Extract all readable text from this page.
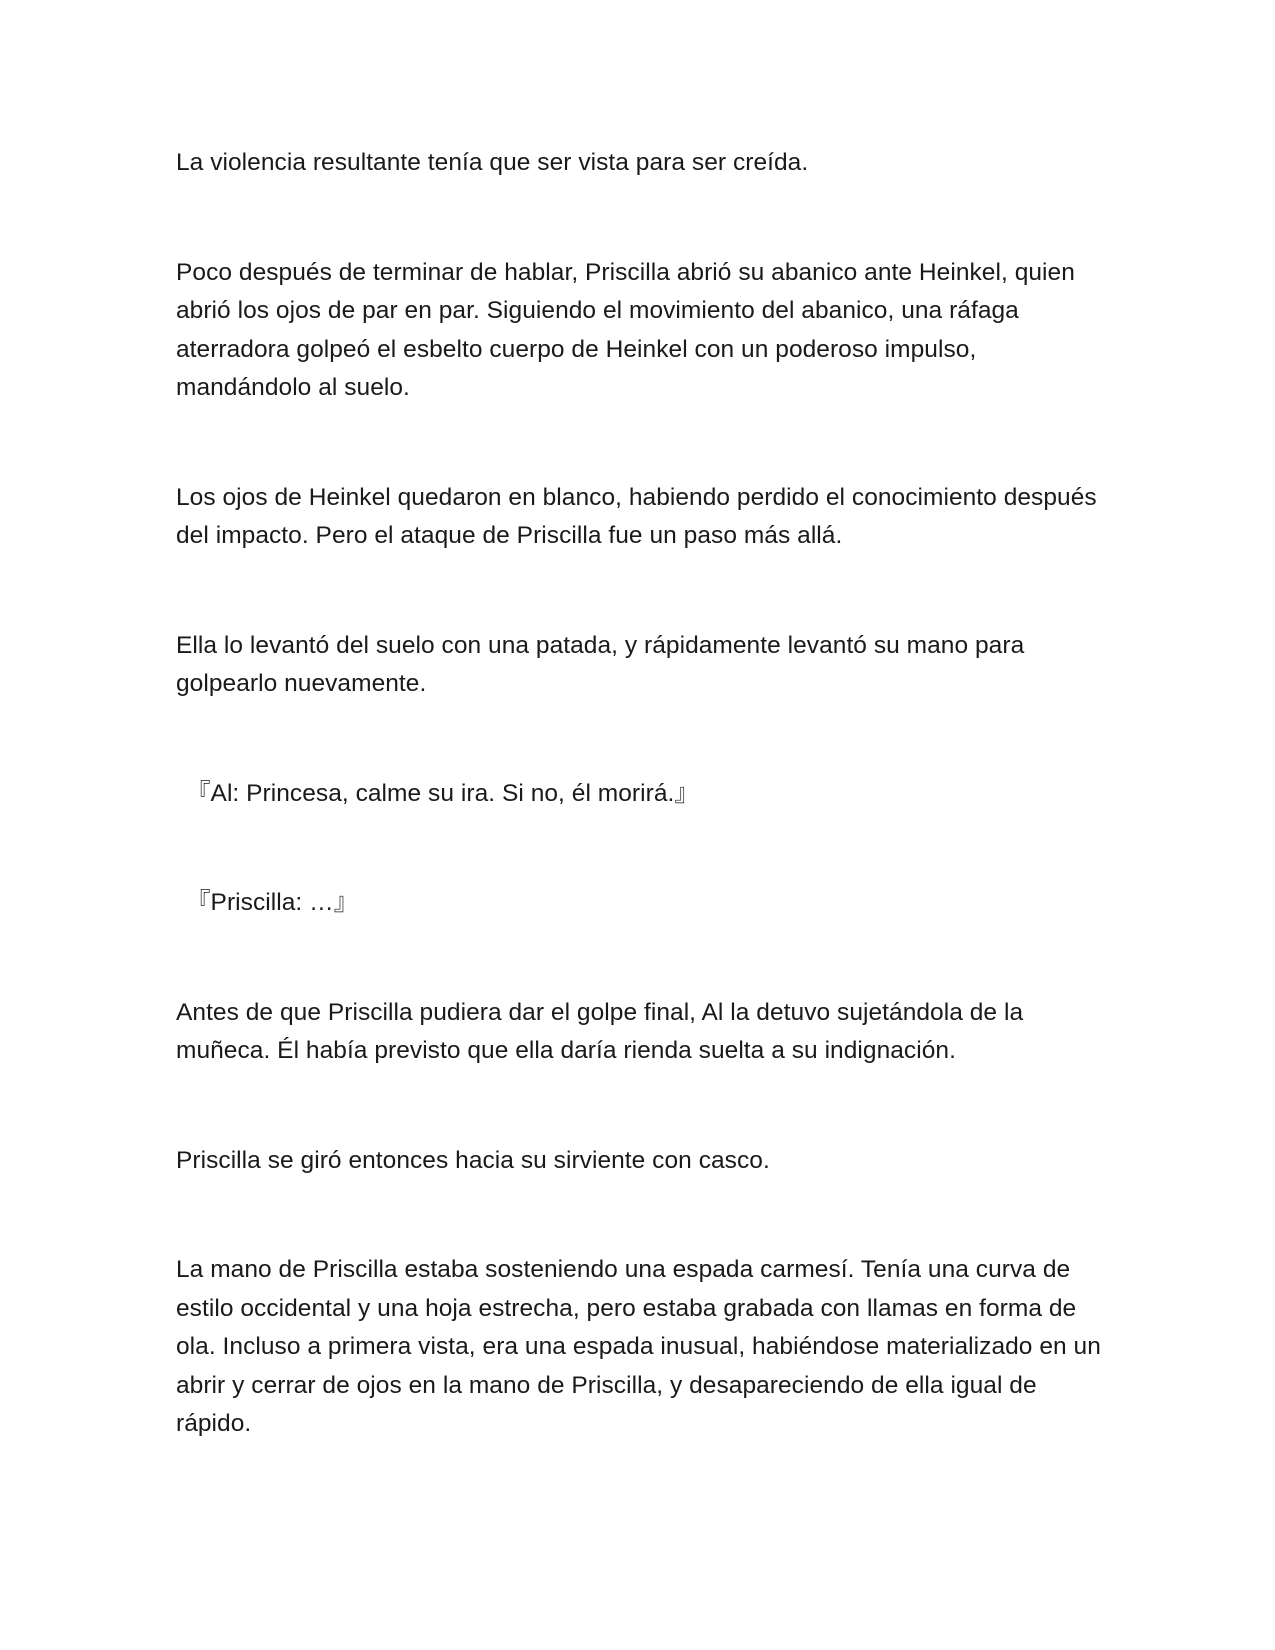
La violencia resultante tenía que ser vista para ser creída.

Poco después de terminar de hablar, Priscilla abrió su abanico ante Heinkel, quien abrió los ojos de par en par. Siguiendo el movimiento del abanico, una ráfaga aterradora golpeó el esbelto cuerpo de Heinkel con un poderoso impulso, mandándolo al suelo.

Los ojos de Heinkel quedaron en blanco, habiendo perdido el conocimiento después del impacto. Pero el ataque de Priscilla fue un paso más allá.

Ella lo levantó del suelo con una patada, y rápidamente levantó su mano para golpearlo nuevamente.

『Al: Princesa, calme su ira. Si no, él morirá.』

『Priscilla: …』

Antes de que Priscilla pudiera dar el golpe final, Al la detuvo sujetándola de la muñeca. Él había previsto que ella daría rienda suelta a su indignación.

Priscilla se giró entonces hacia su sirviente con casco.

La mano de Priscilla estaba sosteniendo una espada carmesí. Tenía una curva de estilo occidental y una hoja estrecha, pero estaba grabada con llamas en forma de ola. Incluso a primera vista, era una espada inusual, habiéndose materializado en un abrir y cerrar de ojos en la mano de Priscilla, y desapareciendo de ella igual de rápido.
